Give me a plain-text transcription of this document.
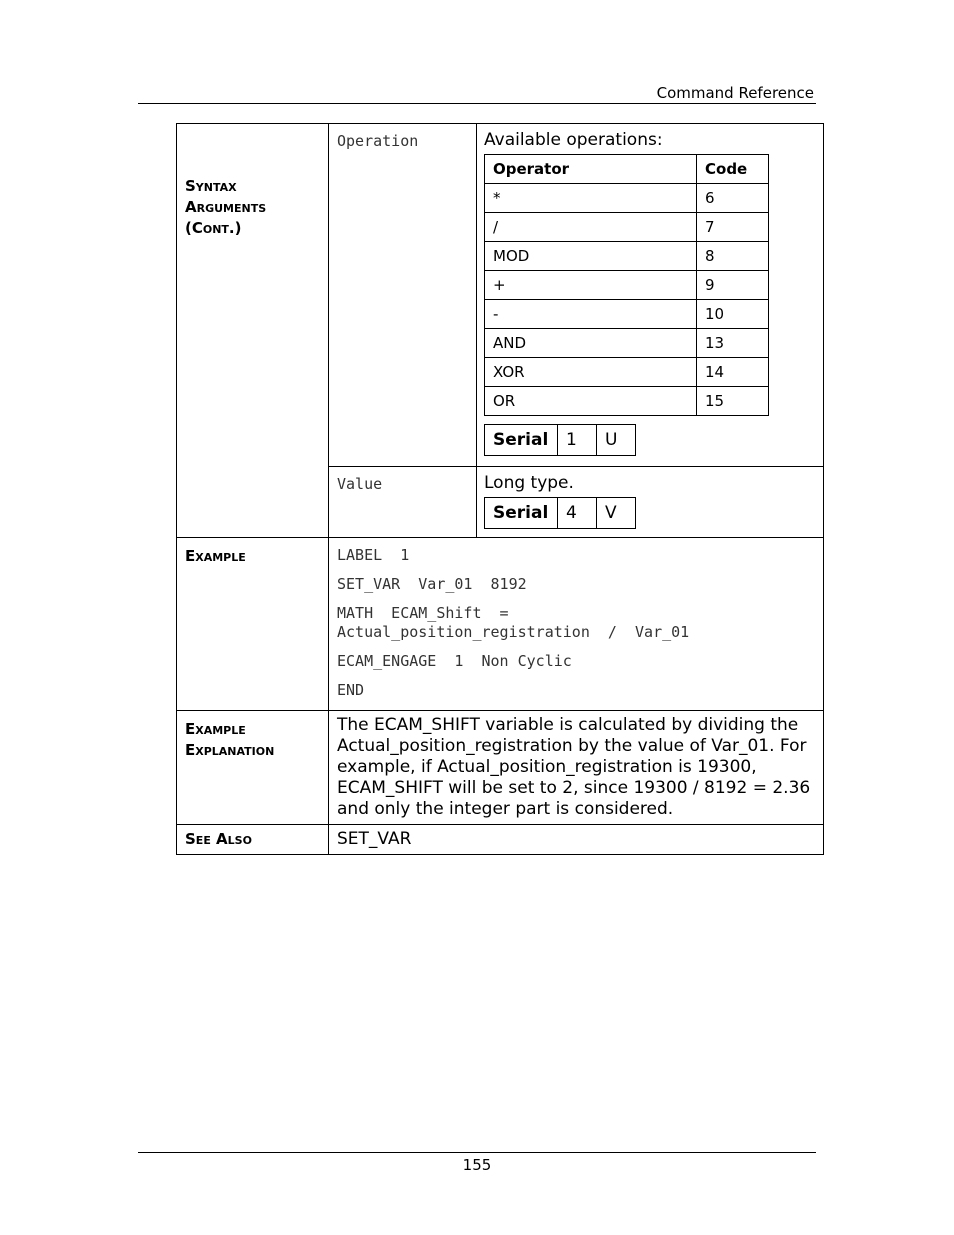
Command Reference
Syntax
Arguments
(Cont.)
	Operation	Available operations:
Operator	Code
*	6
/	7
MOD	8
+	9
-	10
AND	13
XOR	14
OR	15
Serial	1	U

Value	Long type.
Serial	4	V

Example	LABEL  1
SET_VAR  Var_01  8192
MATH  ECAM_Shift  =
Actual_position_registration  /  Var_01
ECAM_ENGAGE  1  Non Cyclic
END

Example
Explanation
	The ECAM_SHIFT variable is calculated by dividing the Actual_position_registration by the value of Var_01. For example, if Actual_position_registration is 19300, ECAM_SHIFT will be set to 2, since 19300 / 8192 = 2.36 and only the integer part is considered.

See Also	SET_VAR
155
